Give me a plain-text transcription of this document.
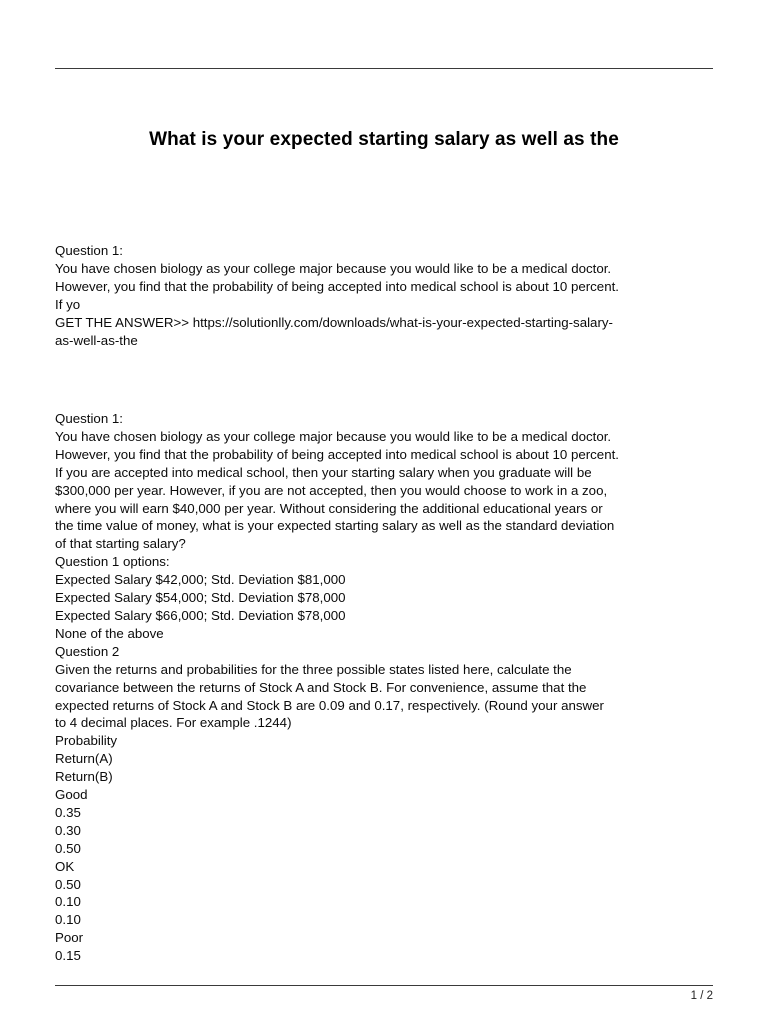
What is your expected starting salary as well as the
Question 1:
You have chosen biology as your college major because you would like to be a medical doctor.
However, you find that the probability of being accepted into medical school is about 10 percent.
If yo
GET THE ANSWER>> https://solutionlly.com/downloads/what-is-your-expected-starting-salary-
as-well-as-the
Question 1:
You have chosen biology as your college major because you would like to be a medical doctor.
However, you find that the probability of being accepted into medical school is about 10 percent.
If you are accepted into medical school, then your starting salary when you graduate will be
$300,000 per year. However, if you are not accepted, then you would choose to work in a zoo,
where you will earn $40,000 per year. Without considering the additional educational years or
the time value of money, what is your expected starting salary as well as the standard deviation
of that starting salary?
Question 1 options:
Expected Salary $42,000; Std. Deviation $81,000
Expected Salary $54,000; Std. Deviation $78,000
Expected Salary $66,000; Std. Deviation $78,000
None of the above
Question 2
Given the returns and probabilities for the three possible states listed here, calculate the
covariance between the returns of Stock A and Stock B. For convenience, assume that the
expected returns of Stock A and Stock B are 0.09 and 0.17, respectively. (Round your answer
to 4 decimal places. For example .1244)
Probability
Return(A)
Return(B)
Good
0.35
0.30
0.50
OK
0.50
0.10
0.10
Poor
0.15
1 / 2
